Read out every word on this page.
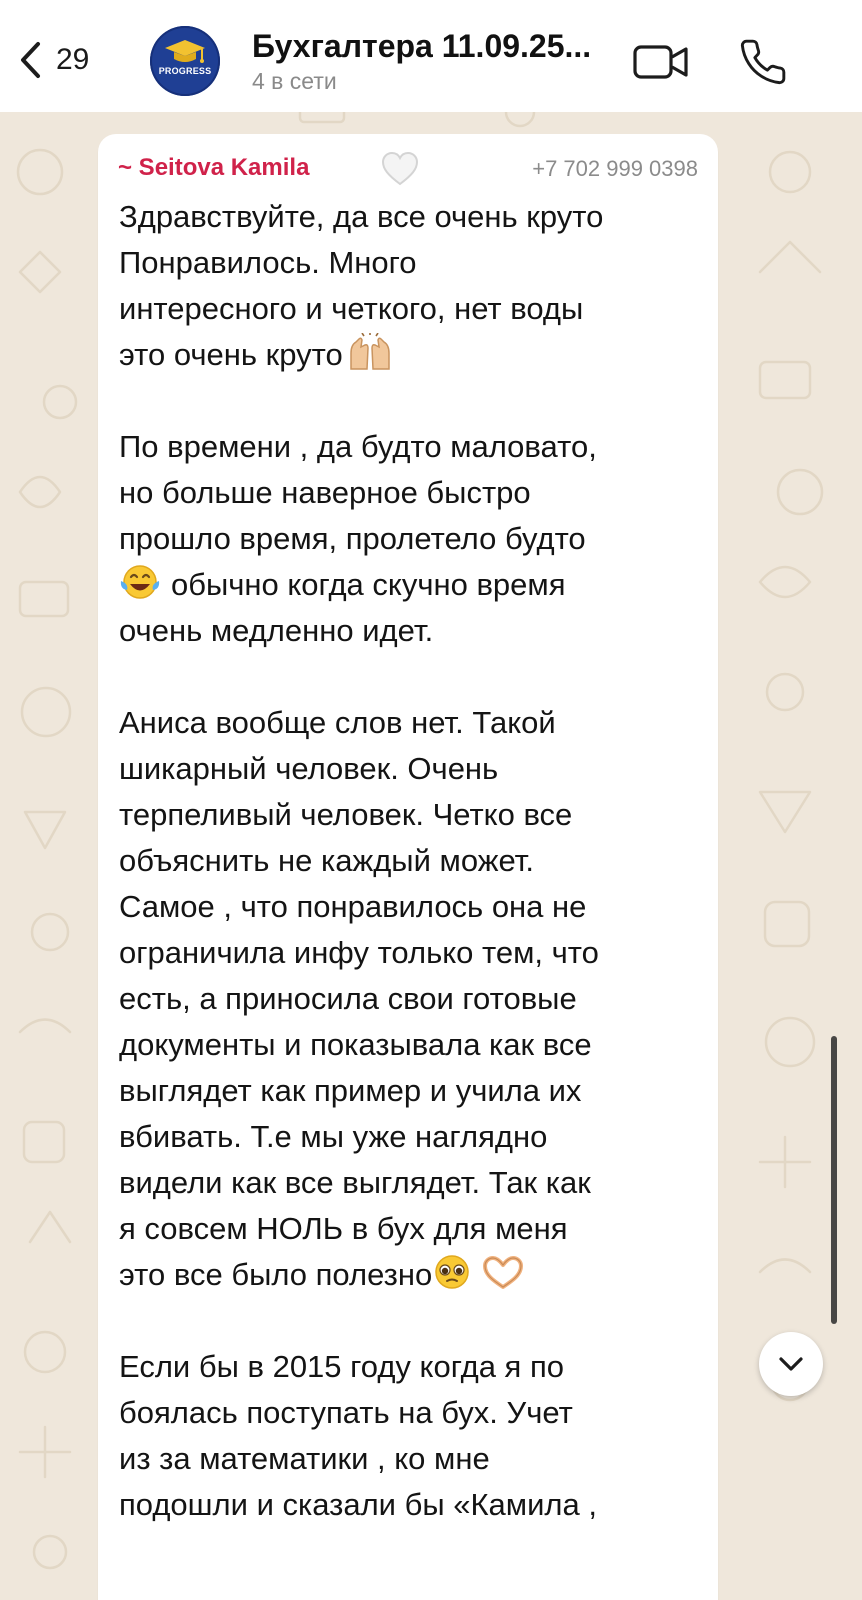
29	PROGRESS
Бухгалтера 11.09.25...
4 в сети
~ Seitova Kamila	+7 702 999 0398
Здравствуйте, да все очень круто
Понравилось. Много
интересного и четкого, нет воды
это очень круто
По времени , да будто маловато,
но больше наверное быстро
прошло время, пролетело будто
обычно когда скучно время
очень медленно идет.
Аниса вообще слов нет. Такой
шикарный человек. Очень
терпеливый человек. Четко все
объяснить не каждый может.
Самое , что понравилось она не
ограничила инфу только тем, что
есть, а приносила свои готовые
документы и показывала как все
выглядет как пример и учила их
вбивать. Т.е мы уже наглядно
видели как все выглядет. Так как
я совсем НОЛЬ в бух для меня
это все было полезно
Если бы в 2015 году когда я по
боялась поступать на бух. Учет
из за математики , ко мне
подошли и сказали бы «Камила ,
